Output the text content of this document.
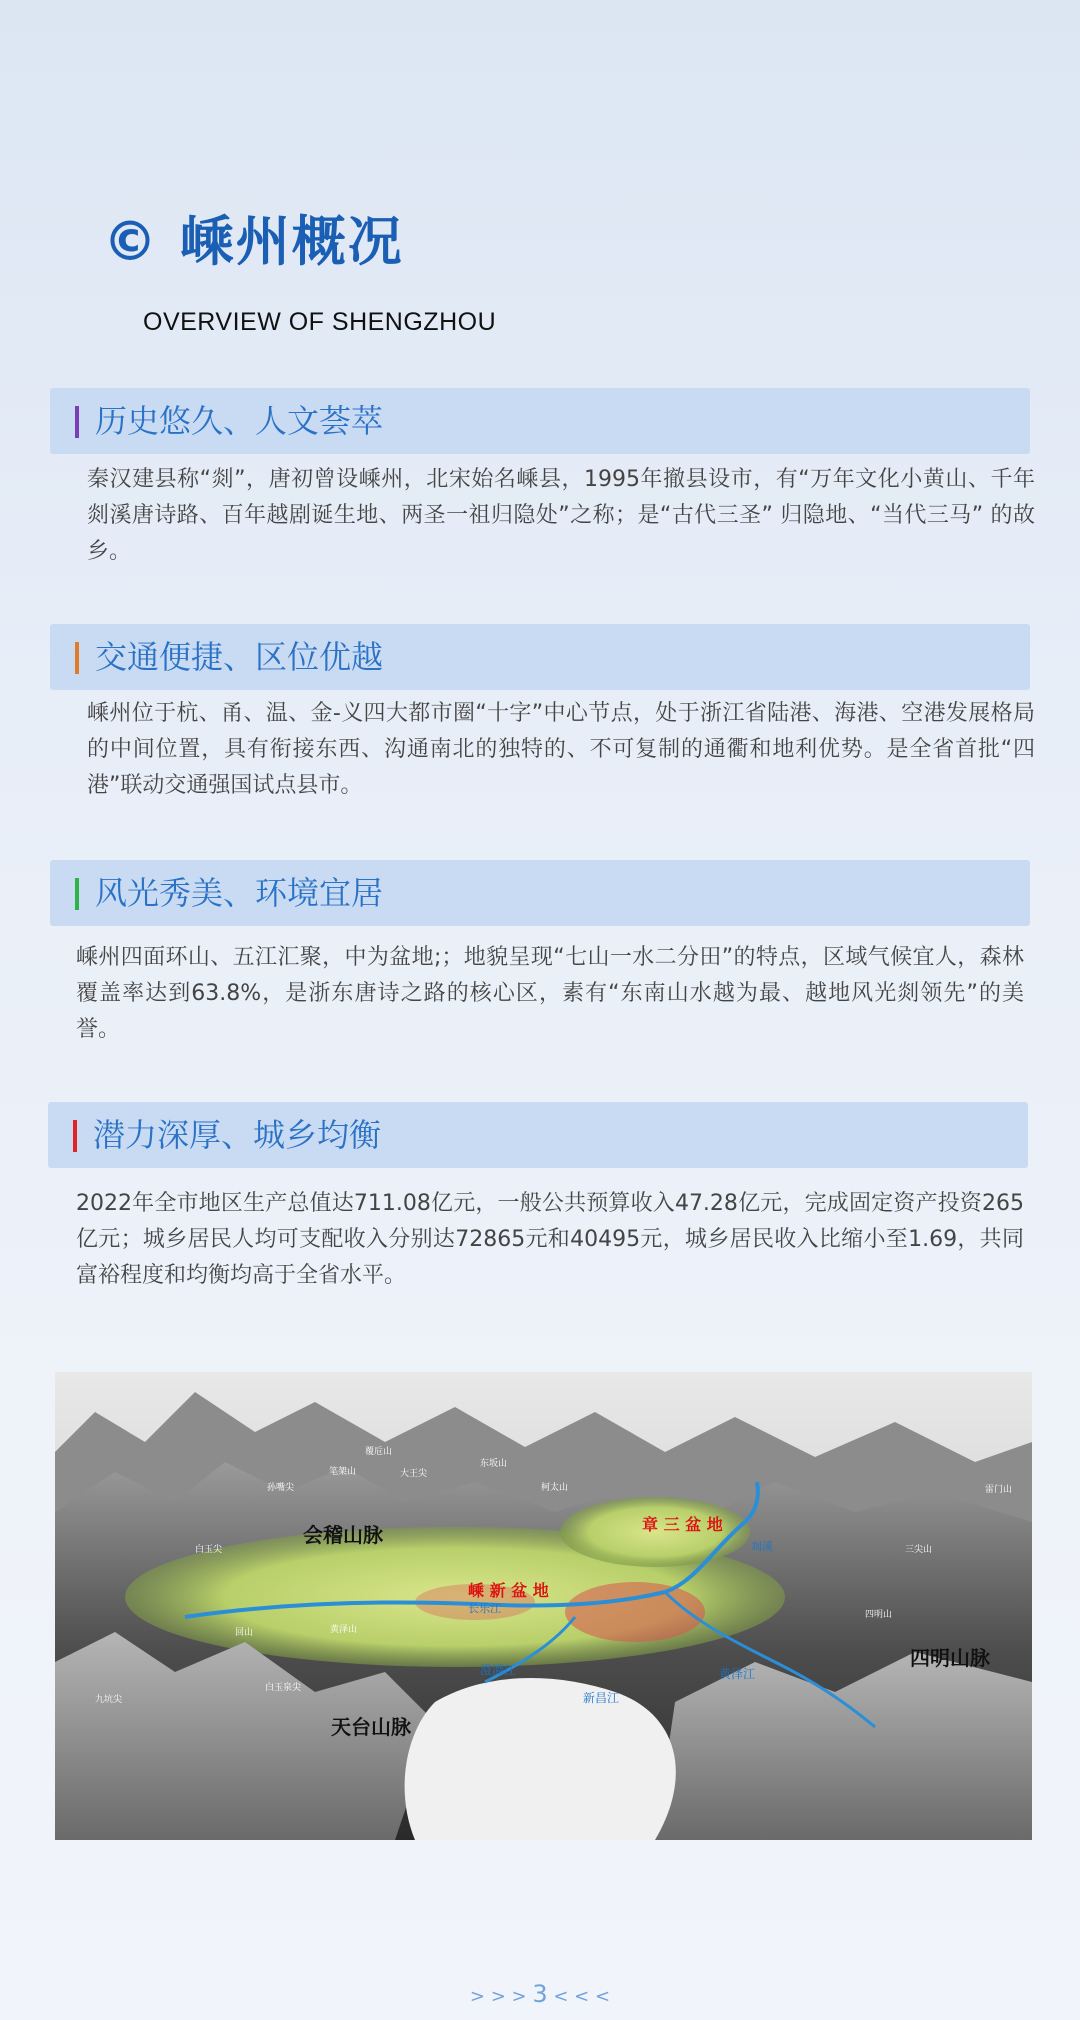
© 嵊州概况
OVERVIEW OF SHENGZHOU
历史悠久、人文荟萃
秦汉建县称“剡”，唐初曾设嵊州，北宋始名嵊县，1995年撤县设市，有“万年文化小黄山、千年剡溪唐诗路、百年越剧诞生地、两圣一祖归隐处”之称；是“古代三圣” 归隐地、“当代三马” 的故乡。
交通便捷、区位优越
嵊州位于杭、甬、温、金-义四大都市圈“十字”中心节点，处于浙江省陆港、海港、空港发展格局的中间位置，具有衔接东西、沟通南北的独特的、不可复制的通衢和地利优势。是全省首批“四港”联动交通强国试点县市。
风光秀美、环境宜居
嵊州四面环山、五江汇聚，中为盆地;；地貌呈现“七山一水二分田”的特点，区域气候宜人，森林覆盖率达到63.8%，是浙东唐诗之路的核心区，素有“东南山水越为最、越地风光剡领先”的美誉。
潜力深厚、城乡均衡
2022年全市地区生产总值达711.08亿元，一般公共预算收入47.28亿元，完成固定资产投资265亿元；城乡居民人均可支配收入分别达72865元和40495元，城乡居民收入比缩小至1.69，共同富裕程度和均衡均高于全省水平。
会稽山脉
四明山脉
天台山脉
嵊 新 盆 地
章 三 盆 地
长乐江
澄潭江
新昌江
黄泽江
剡溪
覆卮山
大王尖
东坂山
柯太山
孙嘴尖
白玉尖
回山	黄泽山
四明山
三尖山
笔架山
九坑尖
白玉泉尖
雷门山
> > > 3 < < <
